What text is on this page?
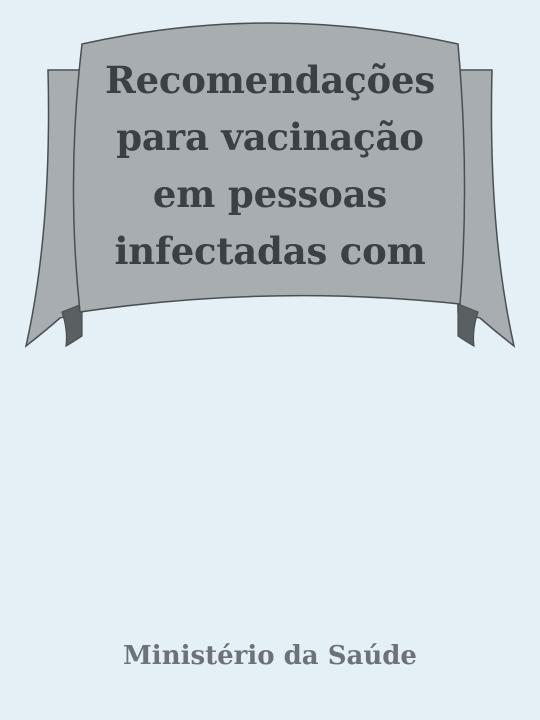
Recomendações
para vacinação
em pessoas
infectadas com

Ministério da Saúde
